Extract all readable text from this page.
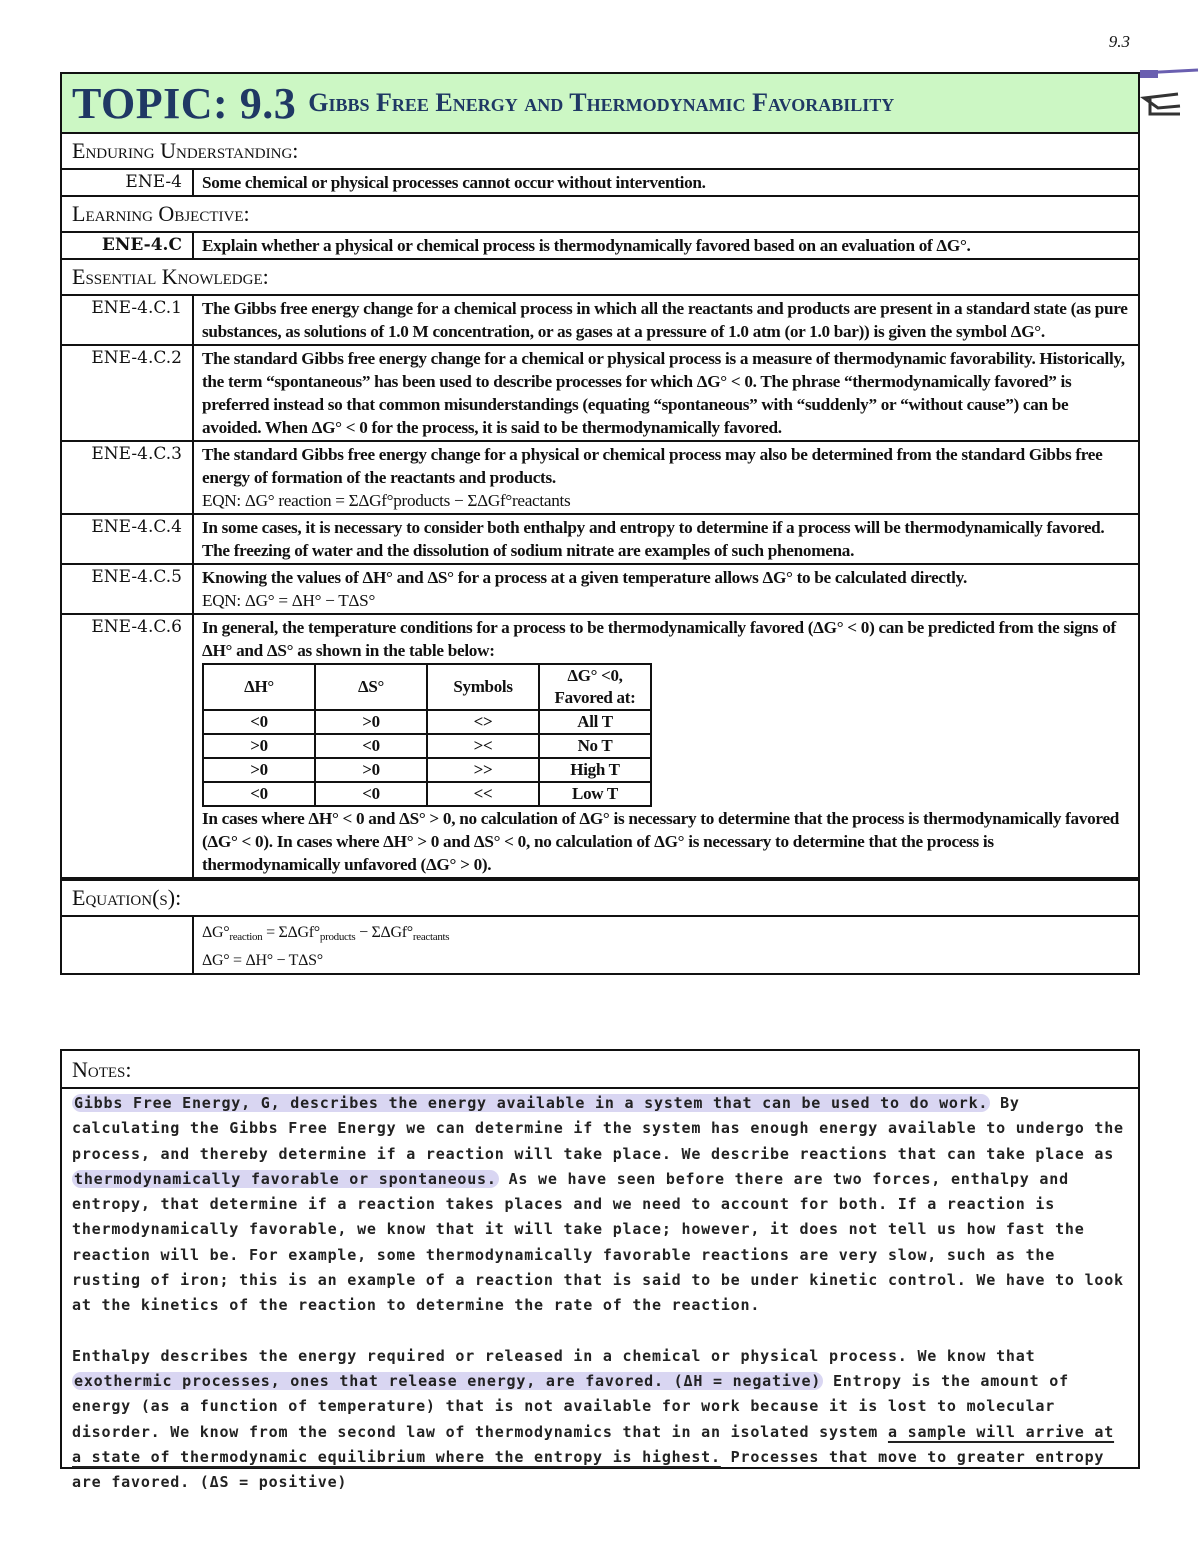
9.3
TOPIC: 9.3 Gibbs Free Energy and Thermodynamic Favorability
Enduring Understanding:
ENE-4	Some chemical or physical processes cannot occur without intervention.
Learning Objective:
ENE-4.C	Explain whether a physical or chemical process is thermodynamically favored based on an evaluation of ΔG°.
Essential Knowledge:
ENE-4.C.1	The Gibbs free energy change for a chemical process in which all the reactants and products are present in a standard state (as pure substances, as solutions of 1.0 M concentration, or as gases at a pressure of 1.0 atm (or 1.0 bar)) is given the symbol ΔG°.
ENE-4.C.2	The standard Gibbs free energy change for a chemical or physical process is a measure of thermodynamic favorability. Historically, the term “spontaneous” has been used to describe processes for which ΔG° < 0. The phrase “thermodynamically favored” is preferred instead so that common misunderstandings (equating “spontaneous” with “suddenly” or “without cause”) can be avoided. When ΔG° < 0 for the process, it is said to be thermodynamically favored.
ENE-4.C.3	The standard Gibbs free energy change for a physical or chemical process may also be determined from the standard Gibbs free energy of formation of the reactants and products.
EQN: ΔG° reaction = ΣΔGf°products − ΣΔGf°reactants
ENE-4.C.4	In some cases, it is necessary to consider both enthalpy and entropy to determine if a process will be thermodynamically favored. The freezing of water and the dissolution of sodium nitrate are examples of such phenomena.
ENE-4.C.5	Knowing the values of ΔH° and ΔS° for a process at a given temperature allows ΔG° to be calculated directly.
EQN: ΔG° = ΔH° − TΔS°
ENE-4.C.6	In general, the temperature conditions for a process to be thermodynamically favored (ΔG° < 0) can be predicted from the signs of ΔH° and ΔS° as shown in the table below:
ΔH°	ΔS°	Symbols	ΔG° <0,
Favored at:

<0	>0	<>	All T
>0	<0	><	No T
>0	>0	>>	High T
<0	<0	<<	Low T
In cases where ΔH° < 0 and ΔS° > 0, no calculation of ΔG° is necessary to determine that the process is thermodynamically favored (ΔG° < 0). In cases where ΔH° > 0 and ΔS° < 0, no calculation of ΔG° is necessary to determine that the process is thermodynamically unfavored (ΔG° > 0).
Equation(s):
$\Delta G^\circ_{reaction} = \Sigma\Delta Gf^\circ_{products} - \Sigma\Delta Gf^\circ_{reactants}$
ΔG° = ΔH° − TΔS°
Notes:

Gibbs Free Energy, G, describes the energy available in a system that can be used to do work. By calculating the Gibbs Free Energy we can determine if the system has enough energy available to undergo the process, and thereby determine if a reaction will take place. We describe reactions that can take place as thermodynamically favorable or spontaneous. As we have seen before there are two forces, enthalpy and entropy, that determine if a reaction takes places and we need to account for both. If a reaction is thermodynamically favorable, we know that it will take place; however, it does not tell us how fast the reaction will be. For example, some thermodynamically favorable reactions are very slow, such as the rusting of iron; this is an example of a reaction that is said to be under kinetic control. We have to look at the kinetics of the reaction to determine the rate of the reaction.

Enthalpy describes the energy required or released in a chemical or physical process. We know that exothermic processes, ones that release energy, are favored. (ΔH = negative) Entropy is the amount of energy (as a function of temperature) that is not available for work because it is lost to molecular disorder. We know from the second law of thermodynamics that in an isolated system a sample will arrive at a state of thermodynamic equilibrium where the entropy is highest. Processes that move to greater entropy are favored. (ΔS = positive)
